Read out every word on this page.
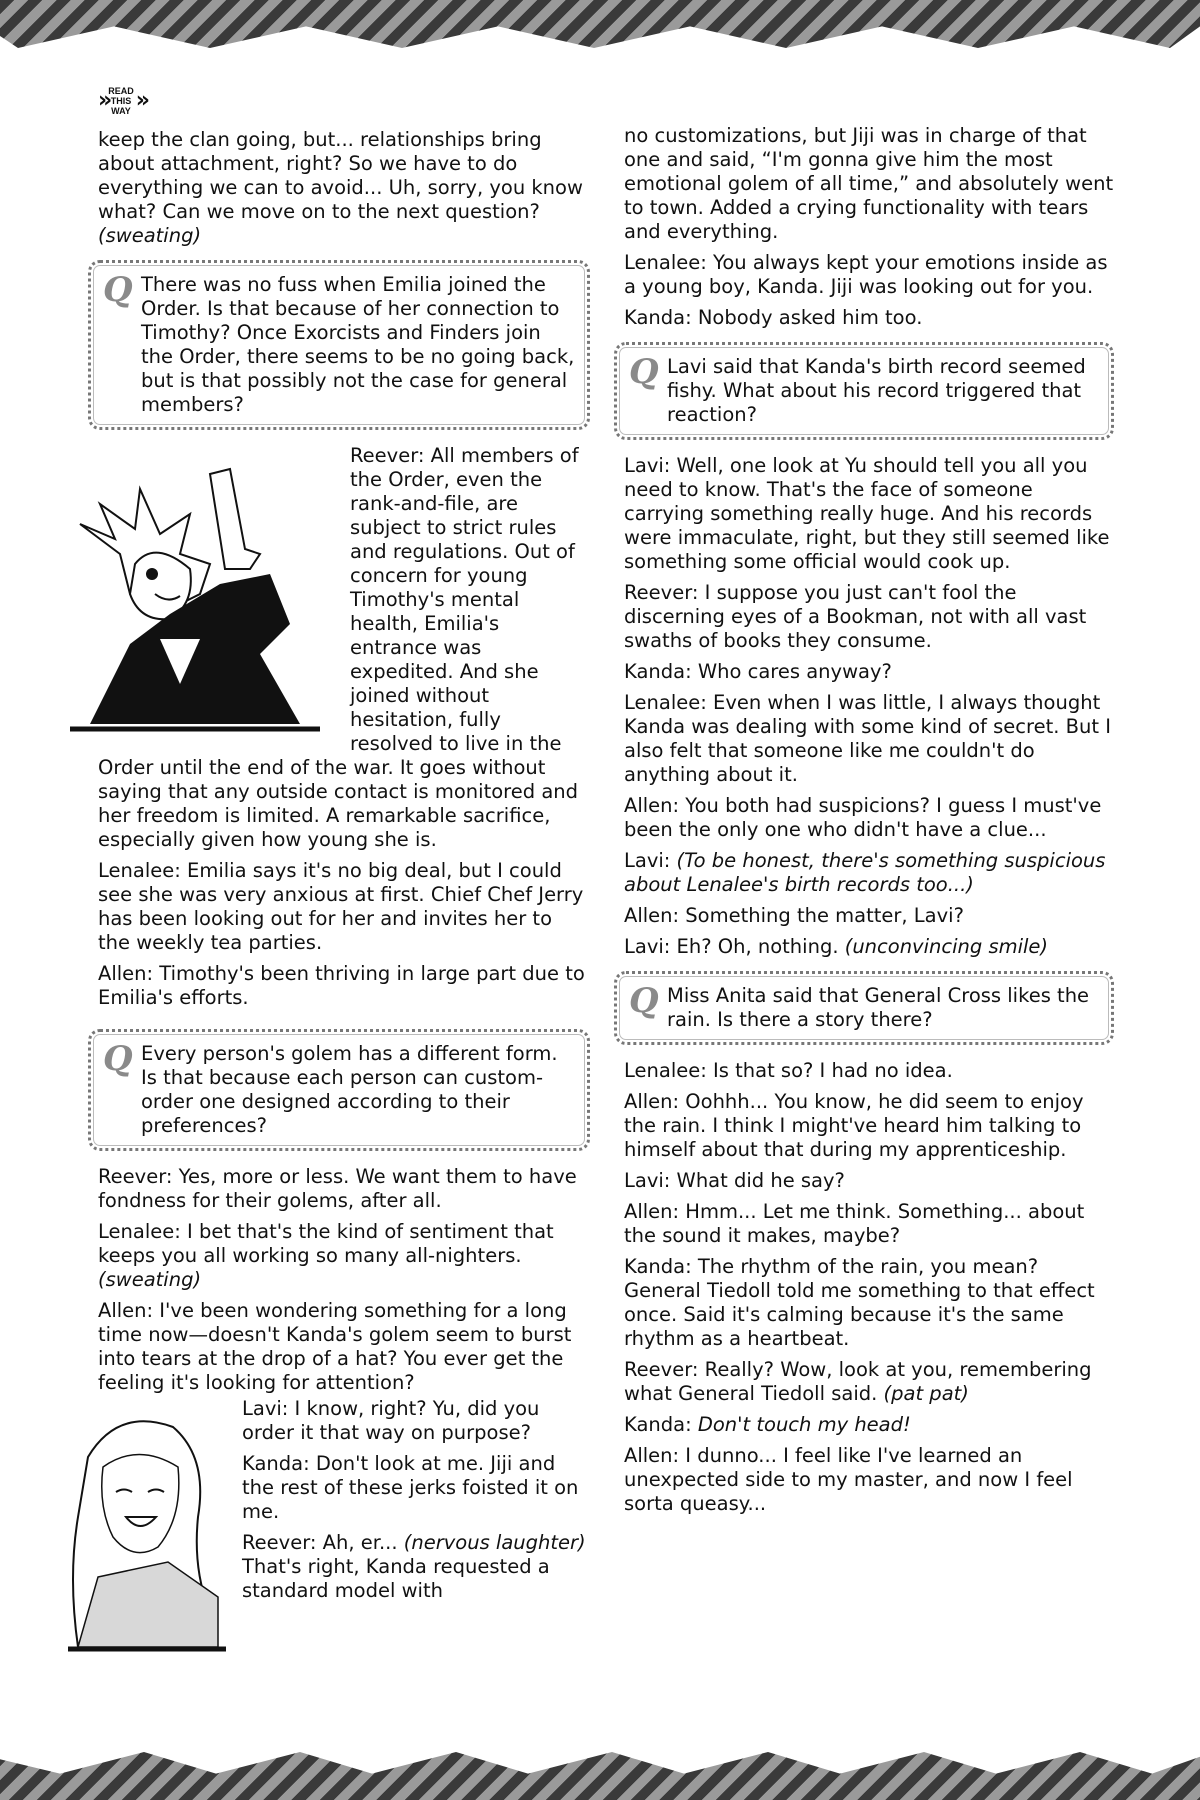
» READ
THIS
WAY »

keep the clan going, but... relationships bring about attachment, right? So we have to do everything we can to avoid... Uh, sorry, you know what? Can we move on to the next question? (sweating)

Q There was no fuss when Emilia joined the Order. Is that because of her connection to Timothy? Once Exorcists and Finders join the Order, there seems to be no going back, but is that possibly not the case for general members?

Reever: All members of the Order, even the rank-and-file, are subject to strict rules and regulations. Out of concern for young Timothy's mental health, Emilia's entrance was expedited. And she joined without hesitation, fully resolved to live in the Order until the end of the war. It goes without saying that any outside contact is monitored and her freedom is limited. A remarkable sacrifice, especially given how young she is.

Lenalee: Emilia says it's no big deal, but I could see she was very anxious at first. Chief Chef Jerry has been looking out for her and invites her to the weekly tea parties.

Allen: Timothy's been thriving in large part due to Emilia's efforts.

Q Every person's golem has a different form. Is that because each person can custom-order one designed according to their preferences?

Reever: Yes, more or less. We want them to have fondness for their golems, after all.

Lenalee: I bet that's the kind of sentiment that keeps you all working so many all-nighters. (sweating)

Allen: I've been wondering something for a long time now—doesn't Kanda's golem seem to burst into tears at the drop of a hat? You ever get the feeling it's looking for attention?

Lavi: I know, right? Yu, did you order it that way on purpose?

Kanda: Don't look at me. Jiji and the rest of these jerks foisted it on me.

Reever: Ah, er... (nervous laughter) That's right, Kanda requested a standard model with

no customizations, but Jiji was in charge of that one and said, “I'm gonna give him the most emotional golem of all time,” and absolutely went to town. Added a crying functionality with tears and everything.

Lenalee: You always kept your emotions inside as a young boy, Kanda. Jiji was looking out for you.

Kanda: Nobody asked him too.

Q Lavi said that Kanda's birth record seemed fishy. What about his record triggered that reaction?

Lavi: Well, one look at Yu should tell you all you need to know. That's the face of someone carrying something really huge. And his records were immaculate, right, but they still seemed like something some official would cook up.

Reever: I suppose you just can't fool the discerning eyes of a Bookman, not with all vast swaths of books they consume.

Kanda: Who cares anyway?

Lenalee: Even when I was little, I always thought Kanda was dealing with some kind of secret. But I also felt that someone like me couldn't do anything about it.

Allen: You both had suspicions? I guess I must've been the only one who didn't have a clue...

Lavi: (To be honest, there's something suspicious about Lenalee's birth records too...)

Allen: Something the matter, Lavi?

Lavi: Eh? Oh, nothing. (unconvincing smile)

Q Miss Anita said that General Cross likes the rain. Is there a story there?

Lenalee: Is that so? I had no idea.

Allen: Oohhh... You know, he did seem to enjoy the rain. I think I might've heard him talking to himself about that during my apprenticeship.

Lavi: What did he say?

Allen: Hmm... Let me think. Something... about the sound it makes, maybe?

Kanda: The rhythm of the rain, you mean? General Tiedoll told me something to that effect once. Said it's calming because it's the same rhythm as a heartbeat.

Reever: Really? Wow, look at you, remembering what General Tiedoll said. (pat pat)

Kanda: Don't touch my head!

Allen: I dunno... I feel like I've learned an unexpected side to my master, and now I feel sorta queasy...
